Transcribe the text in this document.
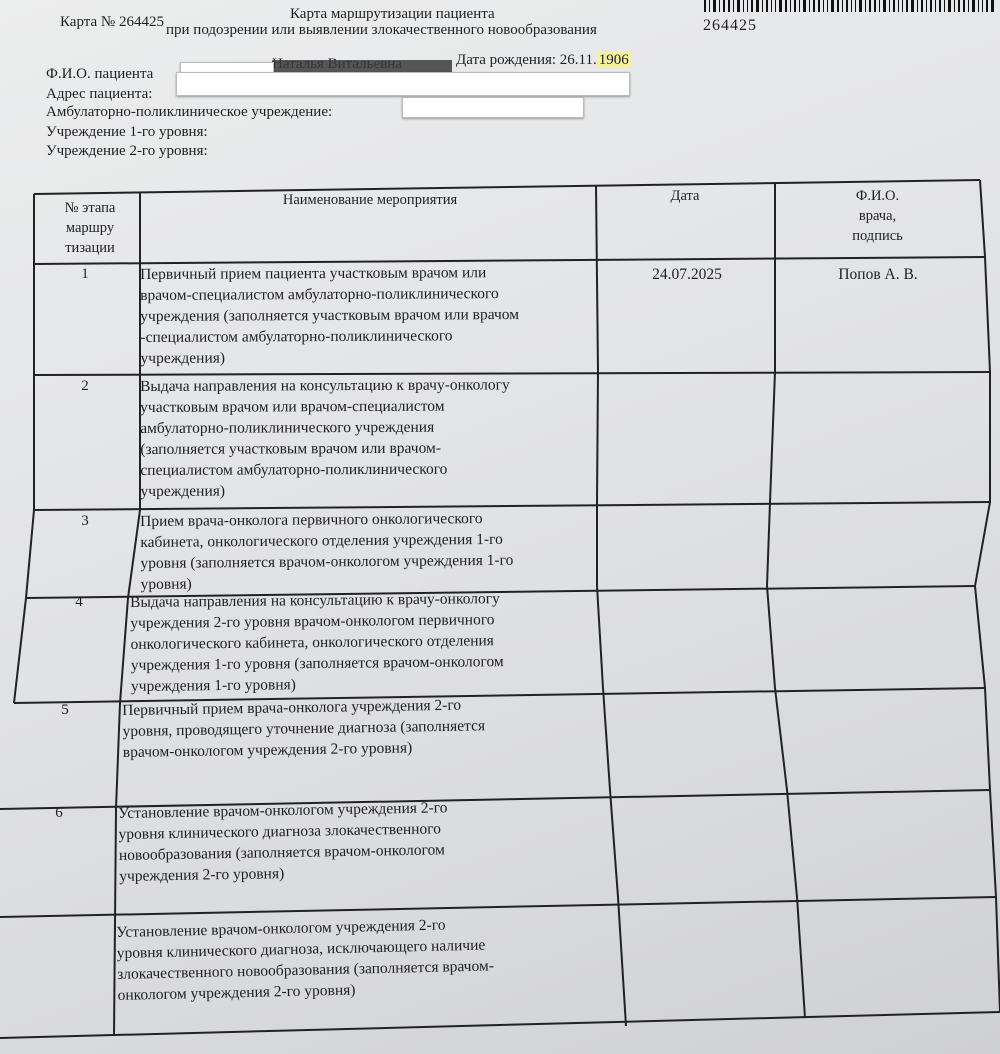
Карта № 264425	Карта маршрутизации пациента
при подозрении или выявлении злокачественного новообразования	264425
Ф.И.О. пациента
Дата рождения: 26.11. 1906
Адрес пациента:
Амбулаторно-поликлиническое учреждение:
Учреждение 1-го уровня:
Учреждение 2-го уровня:
№ этапа
маршру
тизации
Наименование мероприятия	Дата	Ф.И.О.
врача,
подпись
1	Первичный прием пациента участковым врачом или
врачом-специалистом амбулаторно-поликлинического
учреждения (заполняется участковым врачом или врачом
-специалистом амбулаторно-поликлинического
учреждения)
24.07.2025	Попов А. В.
2	Выдача направления на консультацию к врачу-онкологу
участковым врачом или врачом-специалистом
амбулаторно-поликлинического учреждения
(заполняется участковым врачом или врачом-
специалистом амбулаторно-поликлинического
учреждения)
3	Прием врача-онколога первичного онкологического
кабинета, онкологического отделения учреждения 1-го
уровня (заполняется врачом-онкологом учреждения 1-го
уровня)
4	Выдача направления на консультацию к врачу-онкологу
учреждения 2-го уровня врачом-онкологом первичного
онкологического кабинета, онкологического отделения
учреждения 1-го уровня (заполняется врачом-онкологом
учреждения 1-го уровня)
5	Первичный прием врача-онколога учреждения 2-го
уровня, проводящего уточнение диагноза (заполняется
врачом-онкологом учреждения 2-го уровня)
6	Установление врачом-онкологом учреждения 2-го
уровня клинического диагноза злокачественного
новообразования (заполняется врачом-онкологом
учреждения 2-го уровня)
Установление врачом-онкологом учреждения 2-го
уровня клинического диагноза, исключающего наличие
злокачественного новообразования (заполняется врачом-
онкологом учреждения 2-го уровня)
